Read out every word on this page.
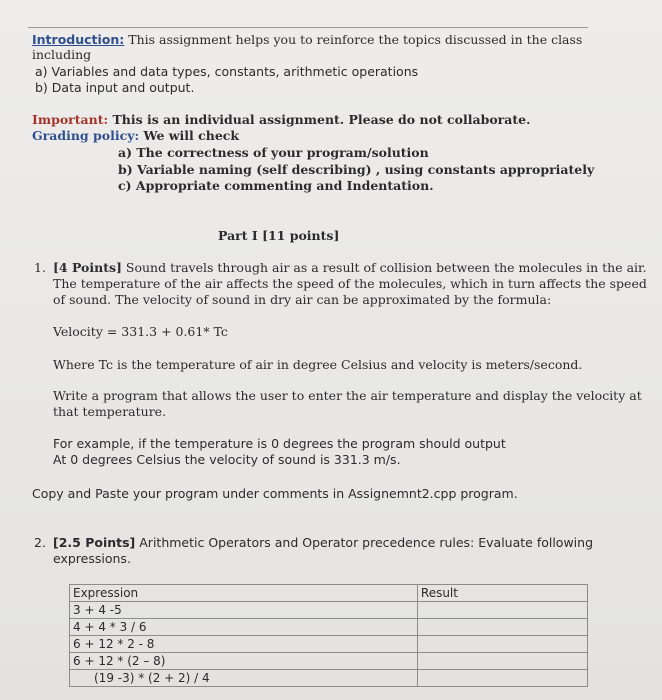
Introduction: This assignment helps you to reinforce the topics discussed in the class
including
a) Variables and data types, constants, arithmetic operations
b) Data input and output.
Important: This is an individual assignment. Please do not collaborate.
Grading policy: We will check
a) The correctness of your program/solution
b) Variable naming (self describing) , using constants appropriately
c) Appropriate commenting and Indentation.
Part I [11 points]
1. [4 Points] Sound travels through air as a result of collision between the molecules in the air.
The temperature of the air affects the speed of the molecules, which in turn affects the speed
of sound. The velocity of sound in dry air can be approximated by the formula:
Velocity = 331.3 + 0.61* Tc
Where Tc is the temperature of air in degree Celsius and velocity is meters/second.
Write a program that allows the user to enter the air temperature and display the velocity at
that temperature.
For example, if the temperature is 0 degrees the program should output
At 0 degrees Celsius the velocity of sound is 331.3 m/s.
Copy and Paste your program under comments in Assignemnt2.cpp program.
2. [2.5 Points] Arithmetic Operators and Operator precedence rules: Evaluate following
expressions.
Expression	Result
3 + 4 -5	
4 + 4 * 3 / 6	
6 + 12 * 2 - 8	
6 + 12 * (2 – 8)	
(19 -3) * (2 + 2) / 4	
